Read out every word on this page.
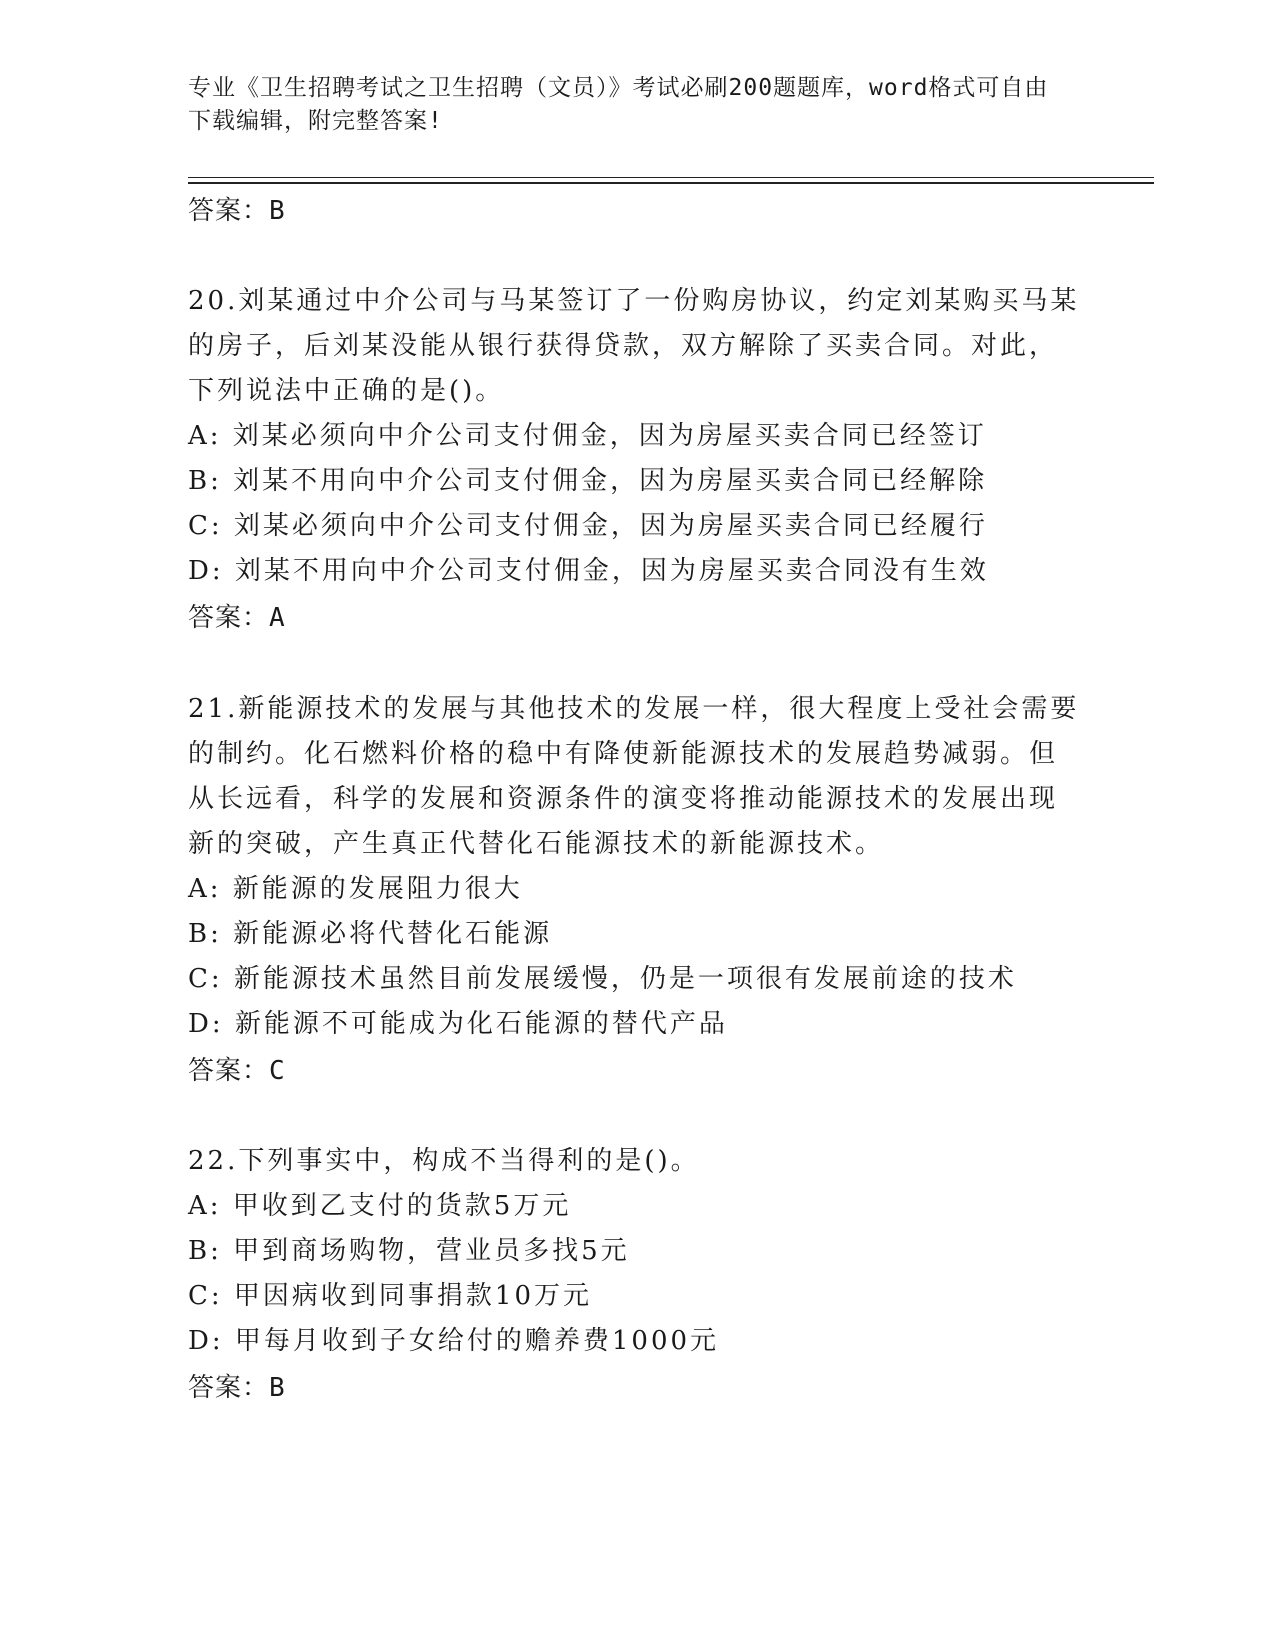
专业《卫生招聘考试之卫生招聘（文员）》考试必刷200题题库，word格式可自由下载编辑，附完整答案!
答案：B
20.刘某通过中介公司与马某签订了一份购房协议，约定刘某购买马某
的房子，后刘某没能从银行获得贷款，双方解除了买卖合同。对此，
下列说法中正确的是()。
A: 刘某必须向中介公司支付佣金，因为房屋买卖合同已经签订
B: 刘某不用向中介公司支付佣金，因为房屋买卖合同已经解除
C: 刘某必须向中介公司支付佣金，因为房屋买卖合同已经履行
D: 刘某不用向中介公司支付佣金，因为房屋买卖合同没有生效
答案：A
21.新能源技术的发展与其他技术的发展一样，很大程度上受社会需要
的制约。化石燃料价格的稳中有降使新能源技术的发展趋势减弱。但
从长远看，科学的发展和资源条件的演变将推动能源技术的发展出现
新的突破，产生真正代替化石能源技术的新能源技术。
A: 新能源的发展阻力很大
B: 新能源必将代替化石能源
C: 新能源技术虽然目前发展缓慢，仍是一项很有发展前途的技术
D: 新能源不可能成为化石能源的替代产品
答案：C
22.下列事实中，构成不当得利的是()。
A: 甲收到乙支付的货款5万元
B: 甲到商场购物，营业员多找5元
C: 甲因病收到同事捐款10万元
D: 甲每月收到子女给付的赡养费1000元
答案：B
